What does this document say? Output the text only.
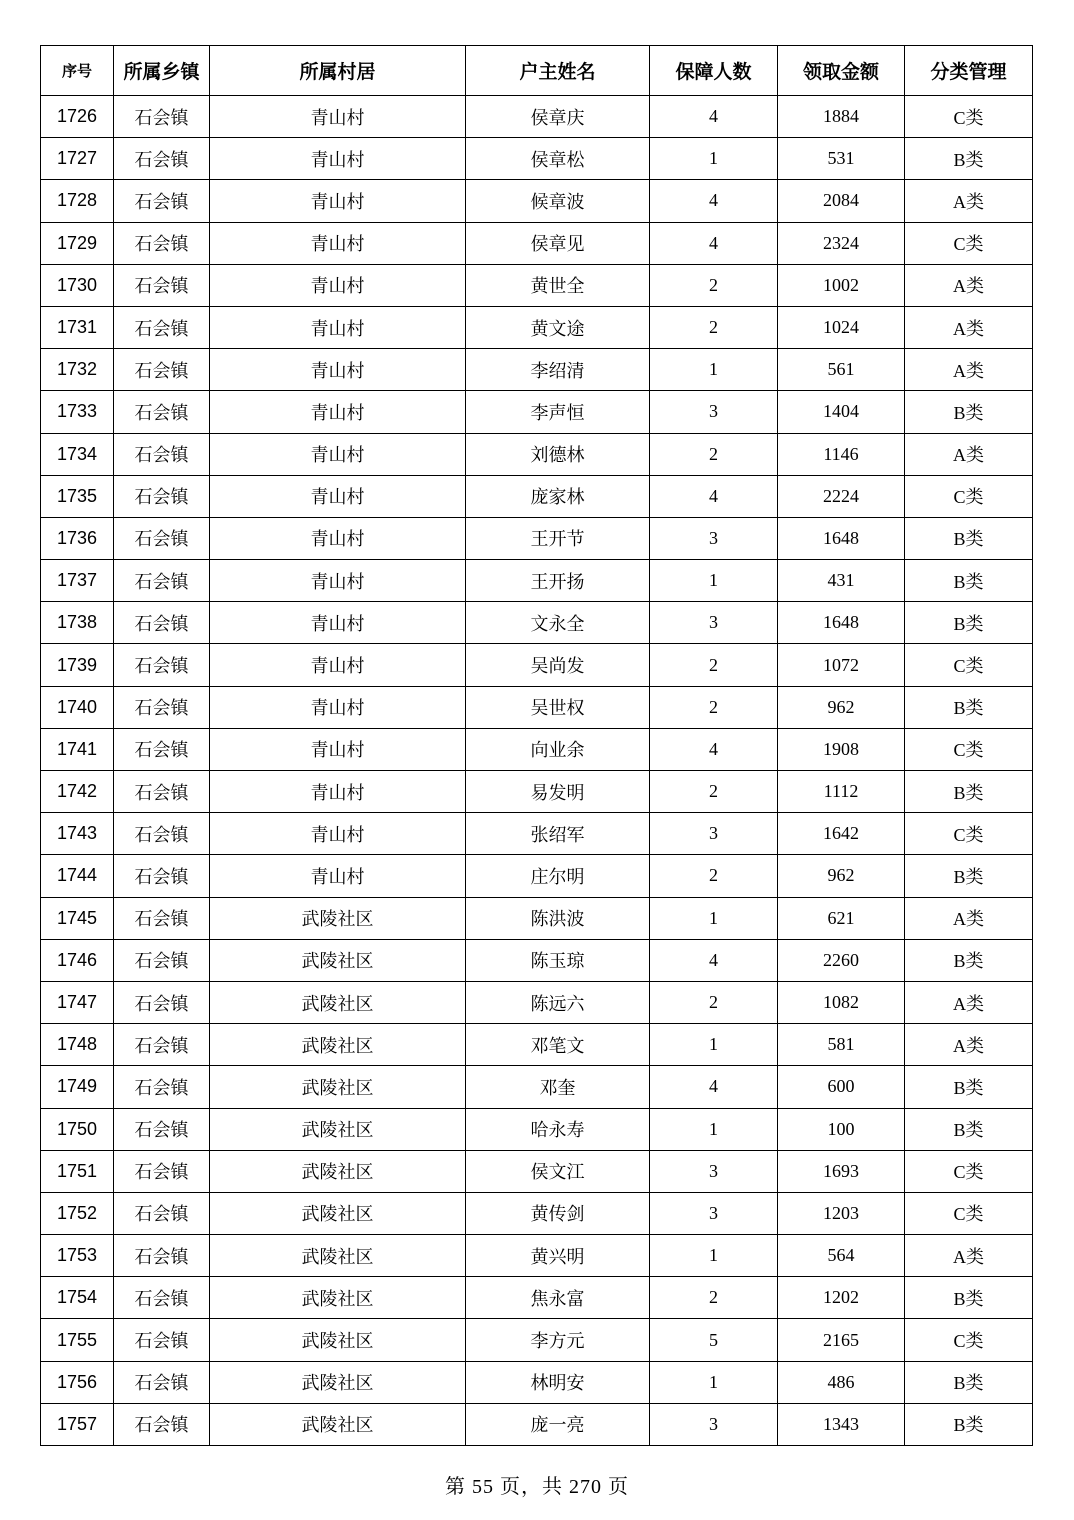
序号	所属乡镇	所属村居	户主姓名	保障人数	领取金额	分类管理
1726	石会镇	青山村	侯章庆	4	1884	C类
1727	石会镇	青山村	侯章松	1	531	B类
1728	石会镇	青山村	候章波	4	2084	A类
1729	石会镇	青山村	侯章见	4	2324	C类
1730	石会镇	青山村	黄世全	2	1002	A类
1731	石会镇	青山村	黄文途	2	1024	A类
1732	石会镇	青山村	李绍清	1	561	A类
1733	石会镇	青山村	李声恒	3	1404	B类
1734	石会镇	青山村	刘德林	2	1146	A类
1735	石会镇	青山村	庞家林	4	2224	C类
1736	石会镇	青山村	王开节	3	1648	B类
1737	石会镇	青山村	王开扬	1	431	B类
1738	石会镇	青山村	文永全	3	1648	B类
1739	石会镇	青山村	吴尚发	2	1072	C类
1740	石会镇	青山村	吴世权	2	962	B类
1741	石会镇	青山村	向业余	4	1908	C类
1742	石会镇	青山村	易发明	2	1112	B类
1743	石会镇	青山村	张绍军	3	1642	C类
1744	石会镇	青山村	庄尔明	2	962	B类
1745	石会镇	武陵社区	陈洪波	1	621	A类
1746	石会镇	武陵社区	陈玉琼	4	2260	B类
1747	石会镇	武陵社区	陈远六	2	1082	A类
1748	石会镇	武陵社区	邓笔文	1	581	A类
1749	石会镇	武陵社区	邓奎	4	600	B类
1750	石会镇	武陵社区	哈永寿	1	100	B类
1751	石会镇	武陵社区	侯文江	3	1693	C类
1752	石会镇	武陵社区	黄传剑	3	1203	C类
1753	石会镇	武陵社区	黄兴明	1	564	A类
1754	石会镇	武陵社区	焦永富	2	1202	B类
1755	石会镇	武陵社区	李方元	5	2165	C类
1756	石会镇	武陵社区	林明安	1	486	B类
1757	石会镇	武陵社区	庞一亮	3	1343	B类
第 55 页，共 270 页
